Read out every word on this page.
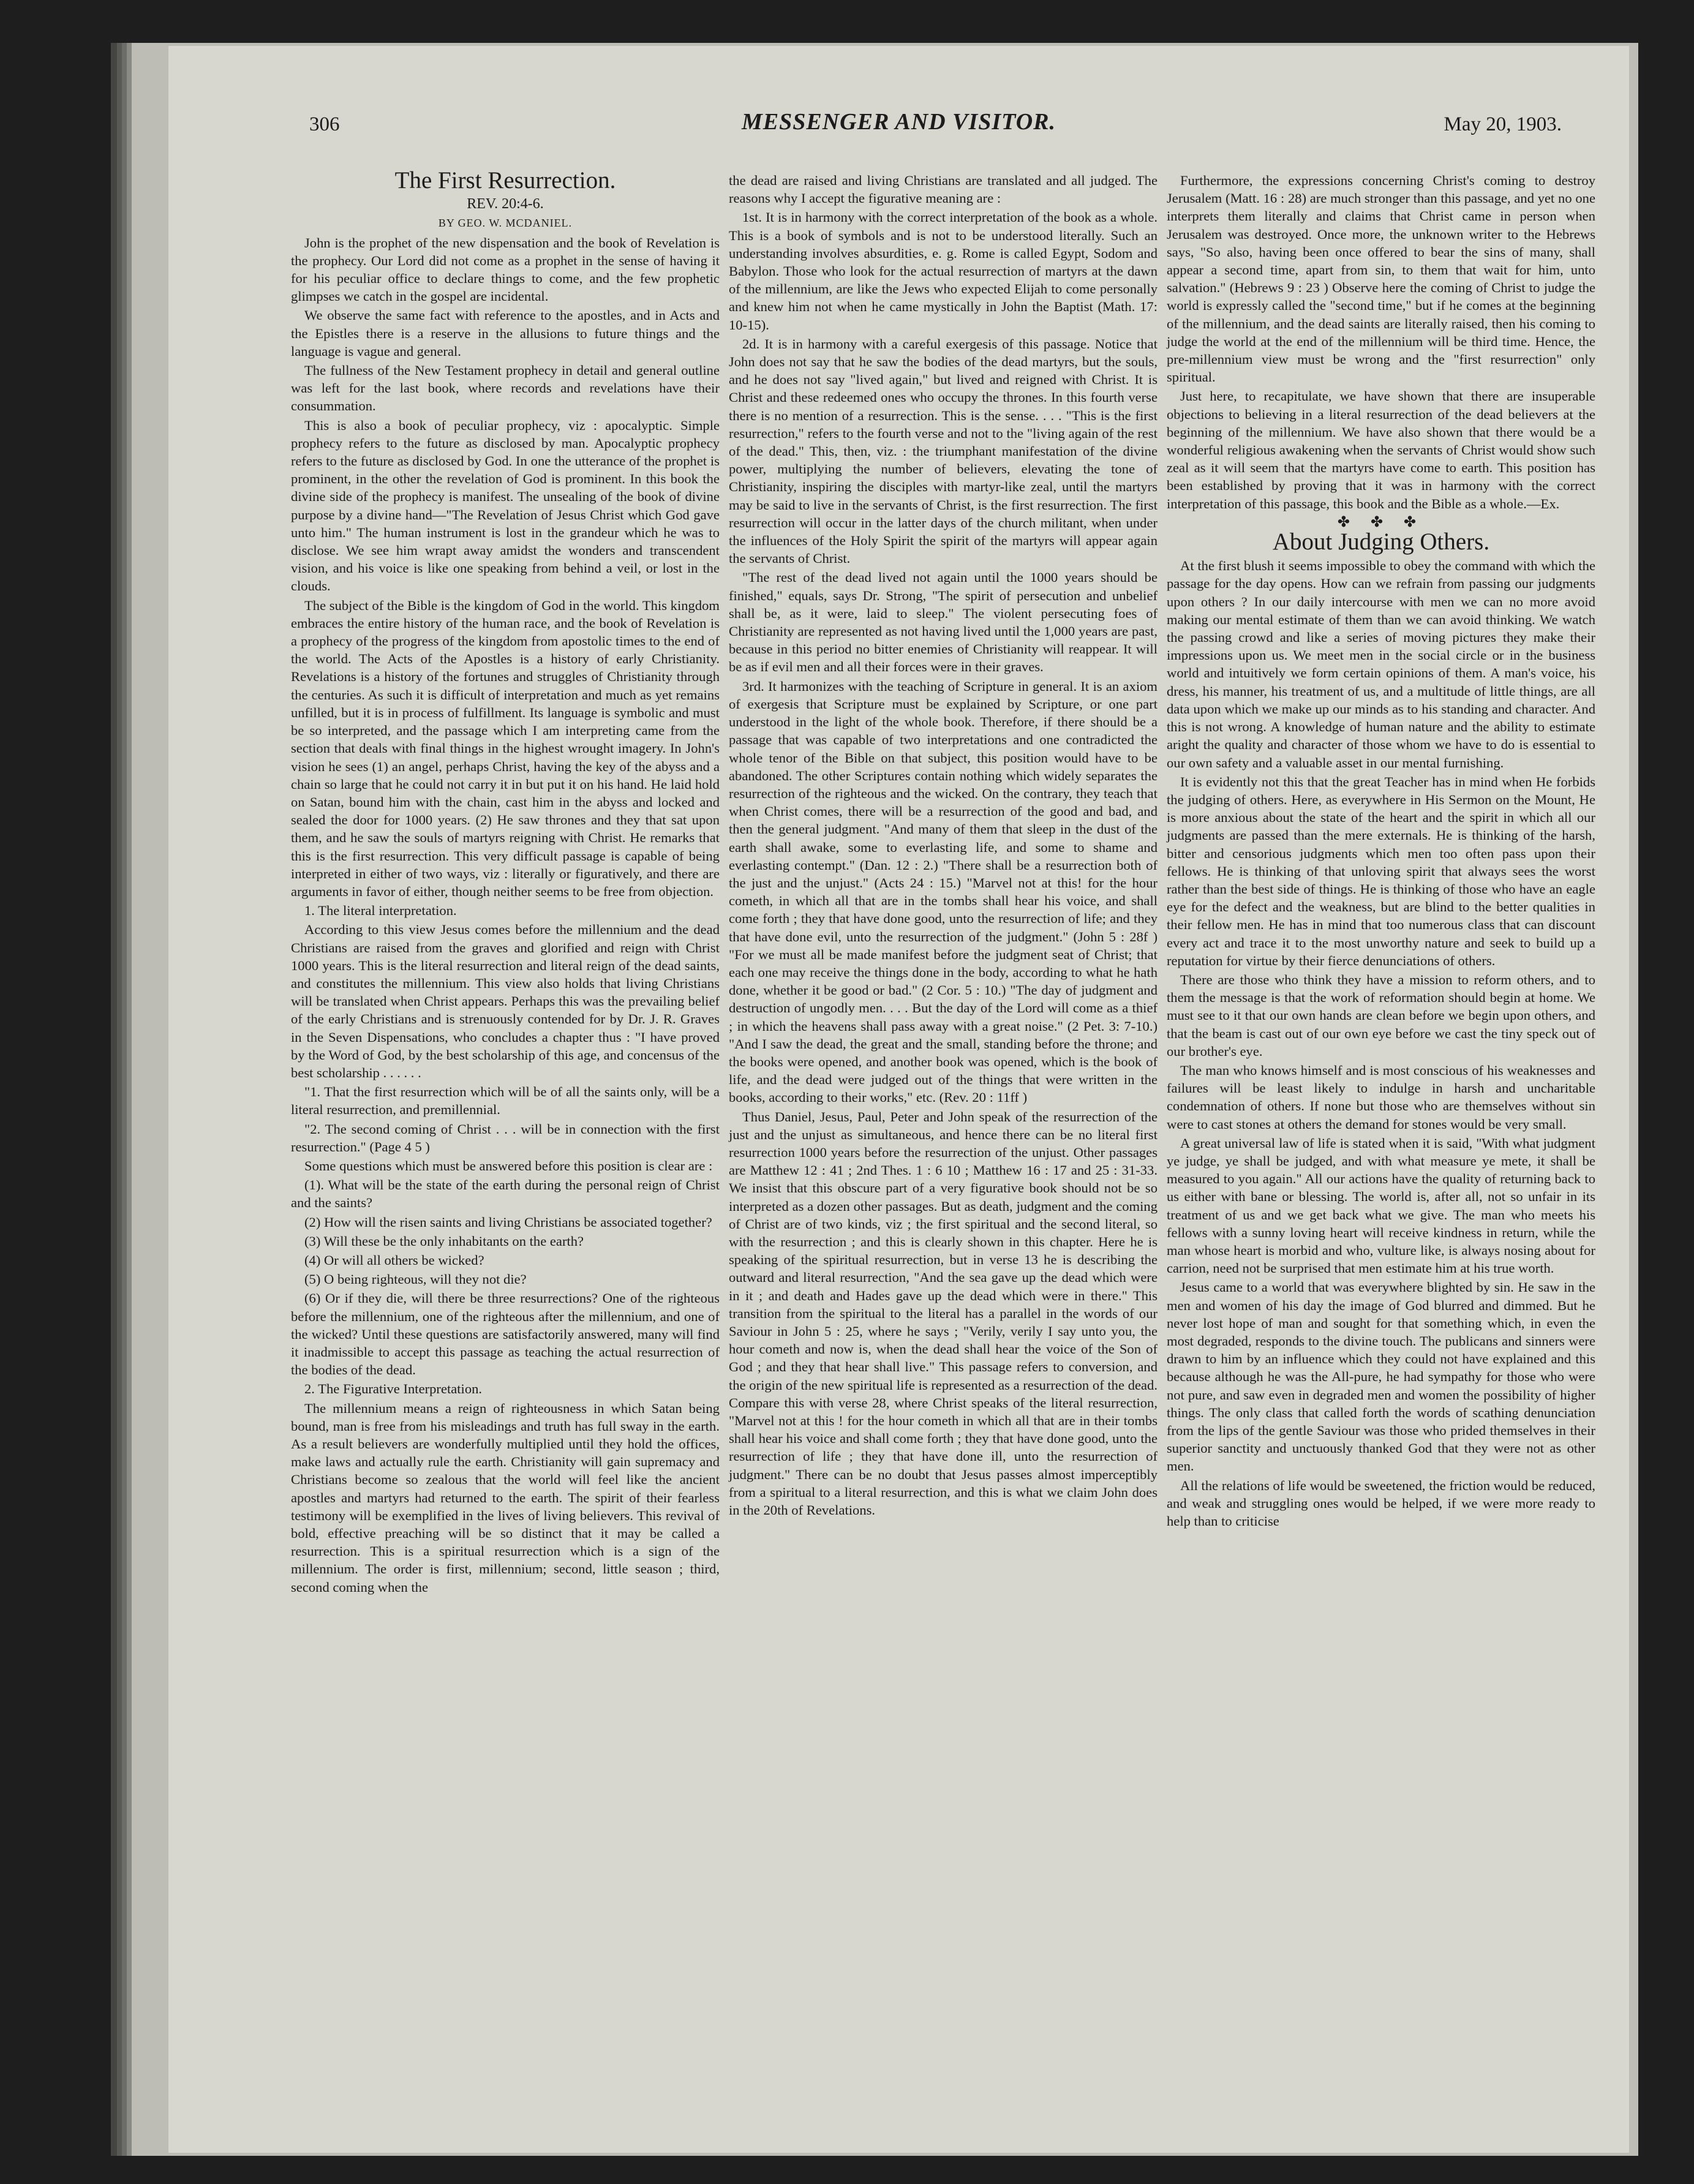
306	MESSENGER AND VISITOR.	May 20, 1903.
The First Resurrection.

REV. 20:4-6.

BY GEO. W. MCDANIEL.

John is the prophet of the new dispensation and the book of Revelation is the prophecy. Our Lord did not come as a prophet in the sense of having it for his peculiar office to declare things to come, and the few prophetic glimpses we catch in the gospel are incidental.

We observe the same fact with reference to the apostles, and in Acts and the Epistles there is a reserve in the allusions to future things and the language is vague and general.

The fullness of the New Testament prophecy in detail and general outline was left for the last book, where records and revelations have their consummation.

This is also a book of peculiar prophecy, viz : apocalyptic. Simple prophecy refers to the future as disclosed by man. Apocalyptic prophecy refers to the future as disclosed by God. In one the utterance of the prophet is prominent, in the other the revelation of God is prominent. In this book the divine side of the prophecy is manifest. The unsealing of the book of divine purpose by a divine hand—"The Revelation of Jesus Christ which God gave unto him." The human instrument is lost in the grandeur which he was to disclose. We see him wrapt away amidst the wonders and transcendent vision, and his voice is like one speaking from behind a veil, or lost in the clouds.

The subject of the Bible is the kingdom of God in the world. This kingdom embraces the entire history of the human race, and the book of Revelation is a prophecy of the progress of the kingdom from apostolic times to the end of the world. The Acts of the Apostles is a history of early Christianity. Revelations is a history of the fortunes and struggles of Christianity through the centuries. As such it is difficult of interpretation and much as yet remains unfilled, but it is in process of fulfillment. Its language is symbolic and must be so interpreted, and the passage which I am interpreting came from the section that deals with final things in the highest wrought imagery. In John's vision he sees (1) an angel, perhaps Christ, having the key of the abyss and a chain so large that he could not carry it in but put it on his hand. He laid hold on Satan, bound him with the chain, cast him in the abyss and locked and sealed the door for 1000 years. (2) He saw thrones and they that sat upon them, and he saw the souls of martyrs reigning with Christ. He remarks that this is the first resurrection. This very difficult passage is capable of being interpreted in either of two ways, viz : literally or figuratively, and there are arguments in favor of either, though neither seems to be free from objection.

1. The literal interpretation.

According to this view Jesus comes before the millennium and the dead Christians are raised from the graves and glorified and reign with Christ 1000 years. This is the literal resurrection and literal reign of the dead saints, and constitutes the millennium. This view also holds that living Christians will be translated when Christ appears. Perhaps this was the prevailing belief of the early Christians and is strenuously contended for by Dr. J. R. Graves in the Seven Dispensations, who concludes a chapter thus : "I have proved by the Word of God, by the best scholarship of this age, and concensus of the best scholarship . . . . . .

"1. That the first resurrection which will be of all the saints only, will be a literal resurrection, and premillennial.

"2. The second coming of Christ . . . will be in connection with the first resurrection." (Page 4 5 )

Some questions which must be answered before this position is clear are :

(1). What will be the state of the earth during the personal reign of Christ and the saints?

(2) How will the risen saints and living Christians be associated together?

(3) Will these be the only inhabitants on the earth?

(4) Or will all others be wicked?

(5) O being righteous, will they not die?

(6) Or if they die, will there be three resurrections? One of the righteous before the millennium, one of the righteous after the millennium, and one of the wicked? Until these questions are satisfactorily answered, many will find it inadmissible to accept this passage as teaching the actual resurrection of the bodies of the dead.

2. The Figurative Interpretation.

The millennium means a reign of righteousness in which Satan being bound, man is free from his misleadings and truth has full sway in the earth. As a result believers are wonderfully multiplied until they hold the offices, make laws and actually rule the earth. Christianity will gain supremacy and Christians become so zealous that the world will feel like the ancient apostles and martyrs had returned to the earth. The spirit of their fearless testimony will be exemplified in the lives of living believers. This revival of bold, effective preaching will be so distinct that it may be called a resurrection. This is a spiritual resurrection which is a sign of the millennium. The order is first, millennium; second, little season ; third, second coming when the

the dead are raised and living Christians are translated and all judged. The reasons why I accept the figurative meaning are :

1st. It is in harmony with the correct interpretation of the book as a whole. This is a book of symbols and is not to be understood literally. Such an understanding involves absurdities, e. g. Rome is called Egypt, Sodom and Babylon. Those who look for the actual resurrection of martyrs at the dawn of the millennium, are like the Jews who expected Elijah to come personally and knew him not when he came mystically in John the Baptist (Math. 17: 10-15).

2d. It is in harmony with a careful exergesis of this passage. Notice that John does not say that he saw the bodies of the dead martyrs, but the souls, and he does not say "lived again," but lived and reigned with Christ. It is Christ and these redeemed ones who occupy the thrones. In this fourth verse there is no mention of a resurrection. This is the sense. . . . "This is the first resurrection," refers to the fourth verse and not to the "living again of the rest of the dead." This, then, viz. : the triumphant manifestation of the divine power, multiplying the number of believers, elevating the tone of Christianity, inspiring the disciples with martyr-like zeal, until the martyrs may be said to live in the servants of Christ, is the first resurrection. The first resurrection will occur in the latter days of the church militant, when under the influences of the Holy Spirit the spirit of the martyrs will appear again the servants of Christ.

"The rest of the dead lived not again until the 1000 years should be finished," equals, says Dr. Strong, "The spirit of persecution and unbelief shall be, as it were, laid to sleep." The violent persecuting foes of Christianity are represented as not having lived until the 1,000 years are past, because in this period no bitter enemies of Christianity will reappear. It will be as if evil men and all their forces were in their graves.

3rd. It harmonizes with the teaching of Scripture in general. It is an axiom of exergesis that Scripture must be explained by Scripture, or one part understood in the light of the whole book. Therefore, if there should be a passage that was capable of two interpretations and one contradicted the whole tenor of the Bible on that subject, this position would have to be abandoned. The other Scriptures contain nothing which widely separates the resurrection of the righteous and the wicked. On the contrary, they teach that when Christ comes, there will be a resurrection of the good and bad, and then the general judgment. "And many of them that sleep in the dust of the earth shall awake, some to everlasting life, and some to shame and everlasting contempt." (Dan. 12 : 2.) "There shall be a resurrection both of the just and the unjust." (Acts 24 : 15.) "Marvel not at this! for the hour cometh, in which all that are in the tombs shall hear his voice, and shall come forth ; they that have done good, unto the resurrection of life; and they that have done evil, unto the resurrection of the judgment." (John 5 : 28f ) "For we must all be made manifest before the judgment seat of Christ; that each one may receive the things done in the body, according to what he hath done, whether it be good or bad." (2 Cor. 5 : 10.) "The day of judgment and destruction of ungodly men. . . . But the day of the Lord will come as a thief ; in which the heavens shall pass away with a great noise." (2 Pet. 3: 7-10.) "And I saw the dead, the great and the small, standing before the throne; and the books were opened, and another book was opened, which is the book of life, and the dead were judged out of the things that were written in the books, according to their works," etc. (Rev. 20 : 11ff )

Thus Daniel, Jesus, Paul, Peter and John speak of the resurrection of the just and the unjust as simultaneous, and hence there can be no literal first resurrection 1000 years before the resurrection of the unjust. Other passages are Matthew 12 : 41 ; 2nd Thes. 1 : 6 10 ; Matthew 16 : 17 and 25 : 31-33. We insist that this obscure part of a very figurative book should not be so interpreted as a dozen other passages. But as death, judgment and the coming of Christ are of two kinds, viz ; the first spiritual and the second literal, so with the resurrection ; and this is clearly shown in this chapter. Here he is speaking of the spiritual resurrection, but in verse 13 he is describing the outward and literal resurrection, "And the sea gave up the dead which were in it ; and death and Hades gave up the dead which were in there." This transition from the spiritual to the literal has a parallel in the words of our Saviour in John 5 : 25, where he says ; "Verily, verily I say unto you, the hour cometh and now is, when the dead shall hear the voice of the Son of God ; and they that hear shall live." This passage refers to conversion, and the origin of the new spiritual life is represented as a resurrection of the dead. Compare this with verse 28, where Christ speaks of the literal resurrection, "Marvel not at this ! for the hour cometh in which all that are in their tombs shall hear his voice and shall come forth ; they that have done good, unto the resurrection of life ; they that have done ill, unto the resurrection of judgment." There can be no doubt that Jesus passes almost imperceptibly from a spiritual to a literal resurrection, and this is what we claim John does in the 20th of Revelations.

Furthermore, the expressions concerning Christ's coming to destroy Jerusalem (Matt. 16 : 28) are much stronger than this passage, and yet no one interprets them literally and claims that Christ came in person when Jerusalem was destroyed. Once more, the unknown writer to the Hebrews says, "So also, having been once offered to bear the sins of many, shall appear a second time, apart from sin, to them that wait for him, unto salvation." (Hebrews 9 : 23 ) Observe here the coming of Christ to judge the world is expressly called the "second time," but if he comes at the beginning of the millennium, and the dead saints are literally raised, then his coming to judge the world at the end of the millennium will be third time. Hence, the pre-millennium view must be wrong and the "first resurrection" only spiritual.

Just here, to recapitulate, we have shown that there are insuperable objections to believing in a literal resurrection of the dead believers at the beginning of the millennium. We have also shown that there would be a wonderful religious awakening when the servants of Christ would show such zeal as it will seem that the martyrs have come to earth. This position has been established by proving that it was in harmony with the correct interpretation of this passage, this book and the Bible as a whole.—Ex.

✤ ✤ ✤

About Judging Others.

At the first blush it seems impossible to obey the command with which the passage for the day opens. How can we refrain from passing our judgments upon others ? In our daily intercourse with men we can no more avoid making our mental estimate of them than we can avoid thinking. We watch the passing crowd and like a series of moving pictures they make their impressions upon us. We meet men in the social circle or in the business world and intuitively we form certain opinions of them. A man's voice, his dress, his manner, his treatment of us, and a multitude of little things, are all data upon which we make up our minds as to his standing and character. And this is not wrong. A knowledge of human nature and the ability to estimate aright the quality and character of those whom we have to do is essential to our own safety and a valuable asset in our mental furnishing.

It is evidently not this that the great Teacher has in mind when He forbids the judging of others. Here, as everywhere in His Sermon on the Mount, He is more anxious about the state of the heart and the spirit in which all our judgments are passed than the mere externals. He is thinking of the harsh, bitter and censorious judgments which men too often pass upon their fellows. He is thinking of that unloving spirit that always sees the worst rather than the best side of things. He is thinking of those who have an eagle eye for the defect and the weakness, but are blind to the better qualities in their fellow men. He has in mind that too numerous class that can discount every act and trace it to the most unworthy nature and seek to build up a reputation for virtue by their fierce denunciations of others.

There are those who think they have a mission to reform others, and to them the message is that the work of reformation should begin at home. We must see to it that our own hands are clean before we begin upon others, and that the beam is cast out of our own eye before we cast the tiny speck out of our brother's eye.

The man who knows himself and is most conscious of his weaknesses and failures will be least likely to indulge in harsh and uncharitable condemnation of others. If none but those who are themselves without sin were to cast stones at others the demand for stones would be very small.

A great universal law of life is stated when it is said, "With what judgment ye judge, ye shall be judged, and with what measure ye mete, it shall be measured to you again." All our actions have the quality of returning back to us either with bane or blessing. The world is, after all, not so unfair in its treatment of us and we get back what we give. The man who meets his fellows with a sunny loving heart will receive kindness in return, while the man whose heart is morbid and who, vulture like, is always nosing about for carrion, need not be surprised that men estimate him at his true worth.

Jesus came to a world that was everywhere blighted by sin. He saw in the men and women of his day the image of God blurred and dimmed. But he never lost hope of man and sought for that something which, in even the most degraded, responds to the divine touch. The publicans and sinners were drawn to him by an influence which they could not have explained and this because although he was the All-pure, he had sympathy for those who were not pure, and saw even in degraded men and women the possibility of higher things. The only class that called forth the words of scathing denunciation from the lips of the gentle Saviour was those who prided themselves in their superior sanctity and unctuously thanked God that they were not as other men.

All the relations of life would be sweetened, the friction would be reduced, and weak and struggling ones would be helped, if we were more ready to help than to criticise
